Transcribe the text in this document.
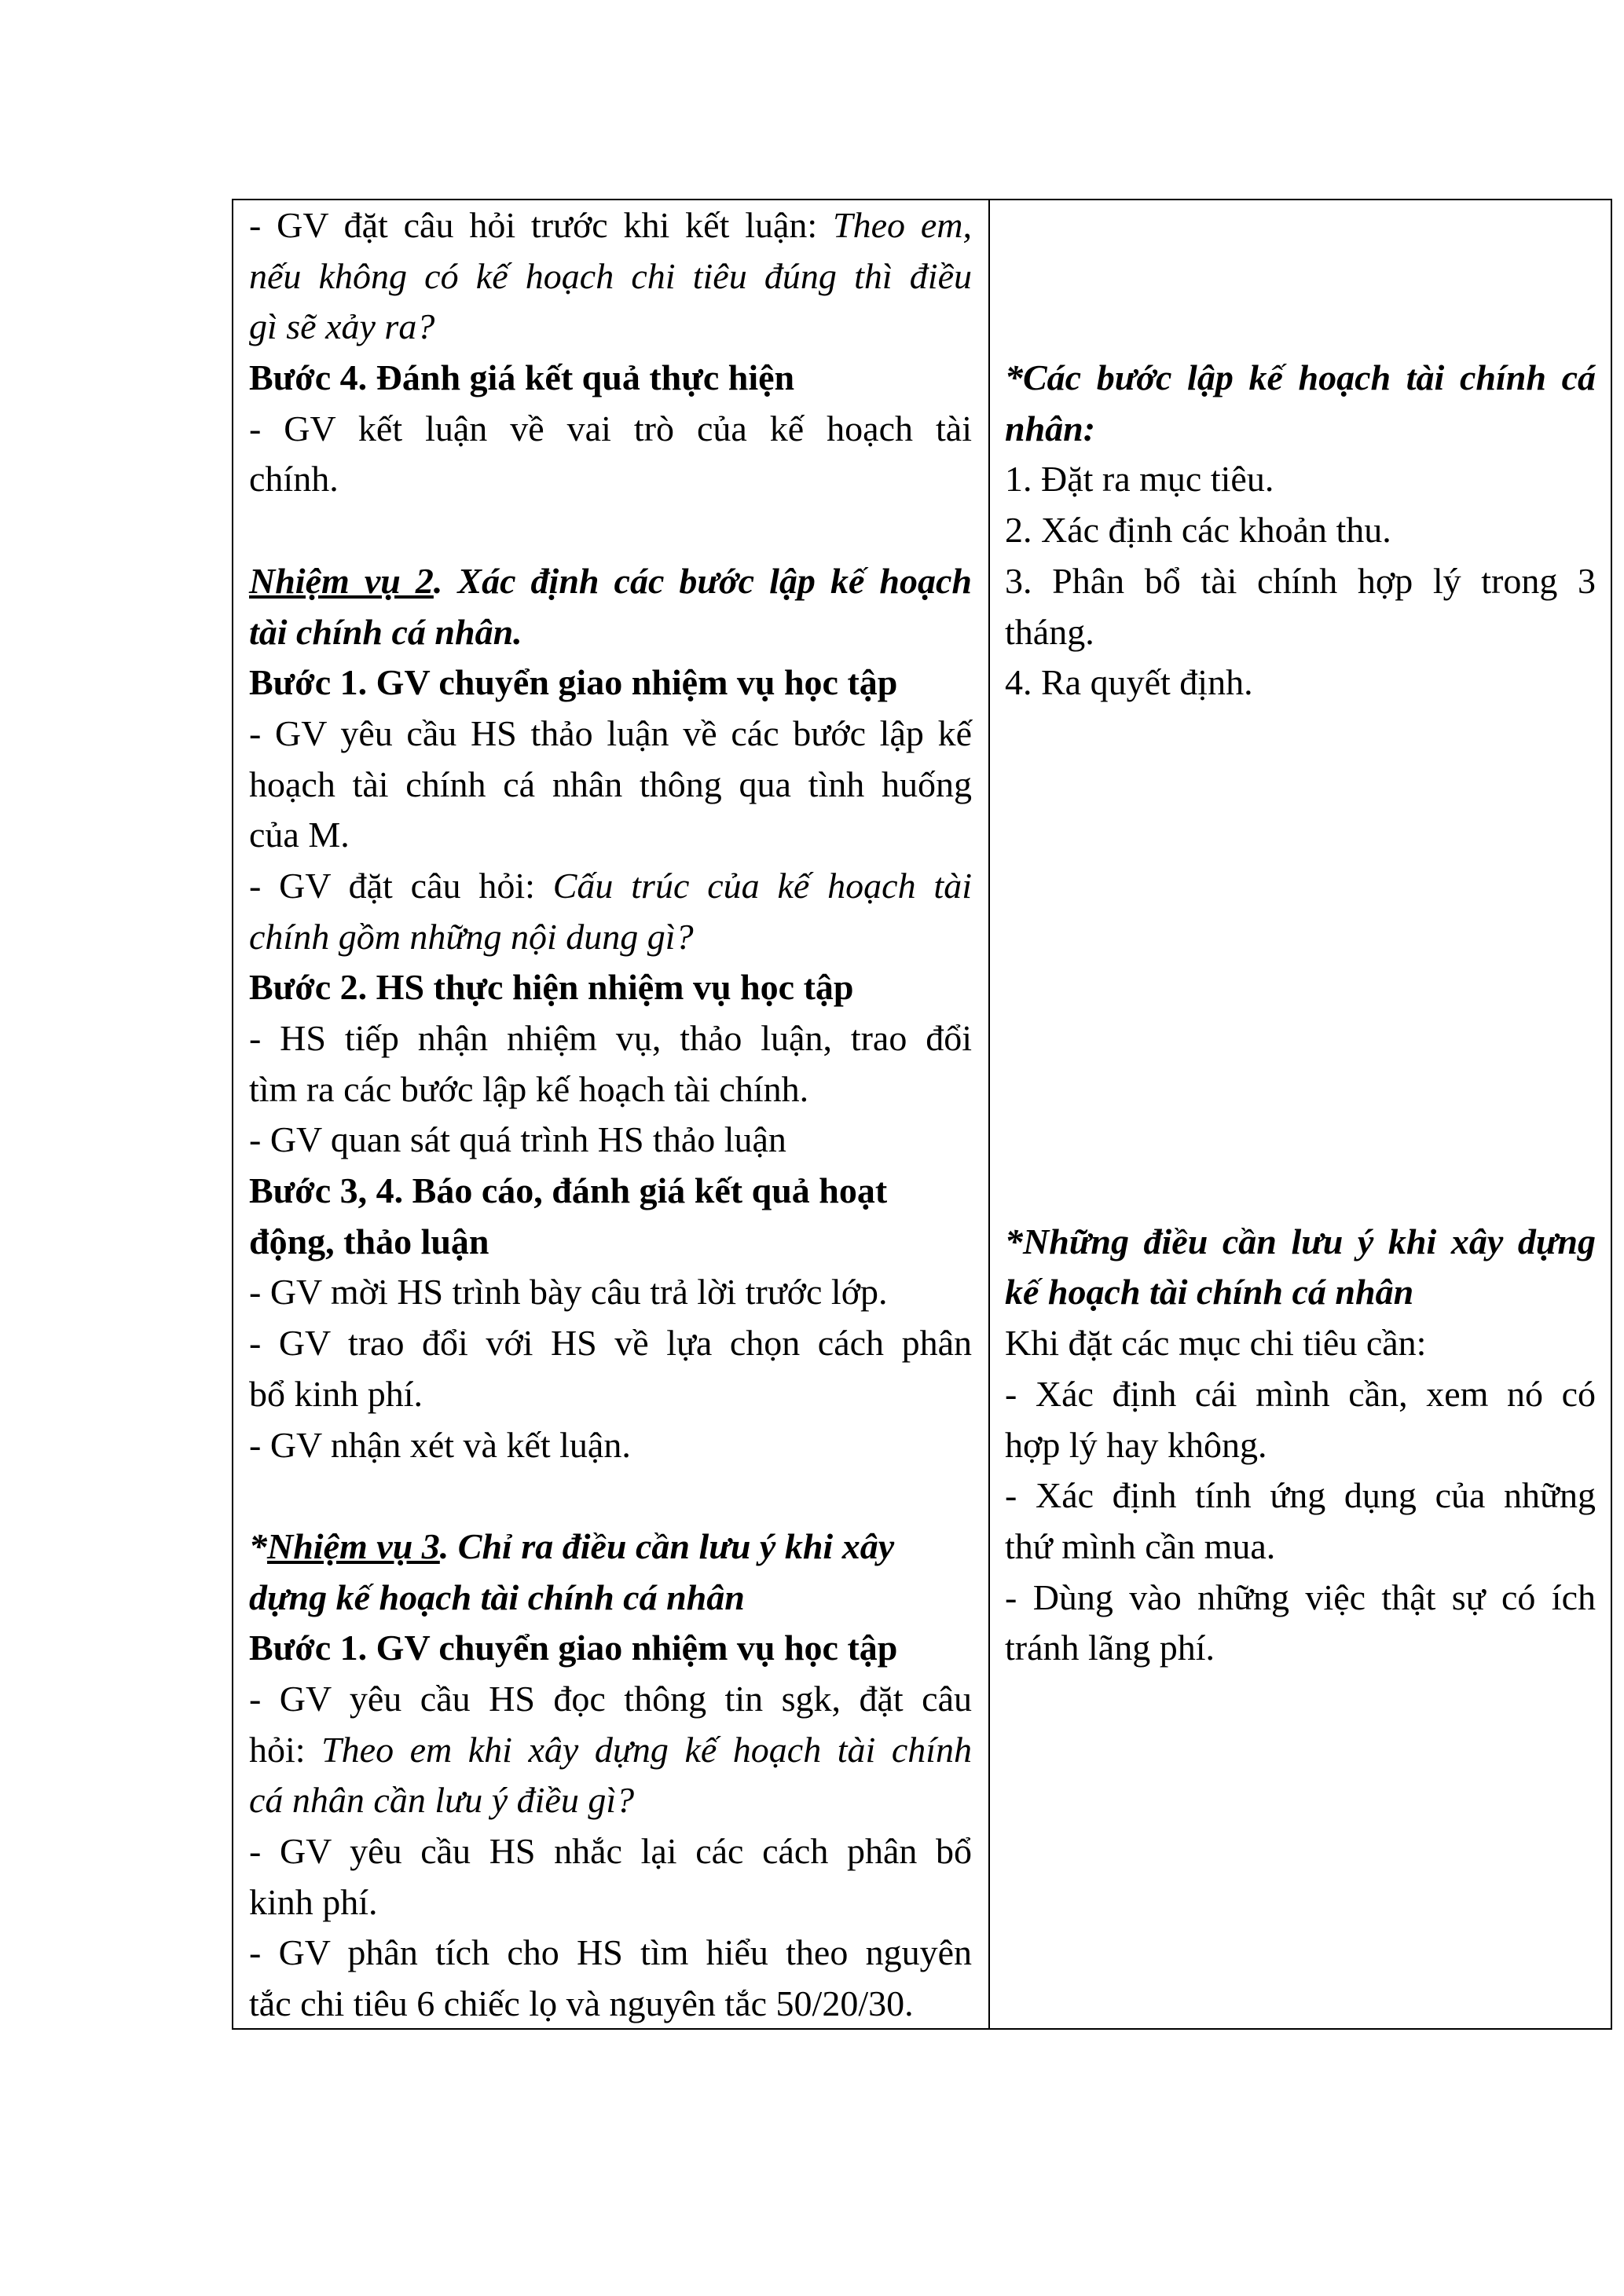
- GV đặt câu hỏi trước khi kết luận: Theo em,
nếu không có kế hoạch chi tiêu đúng thì điều
gì sẽ xảy ra?
Bước 4. Đánh giá kết quả thực hiện
- GV kết luận về vai trò của kế hoạch tài
chính.
Nhiệm vụ 2. Xác định các bước lập kế hoạch
tài chính cá nhân.
Bước 1. GV chuyển giao nhiệm vụ học tập
- GV yêu cầu HS thảo luận về các bước lập kế
hoạch tài chính cá nhân thông qua tình huống
của M.
- GV đặt câu hỏi: Cấu trúc của kế hoạch tài
chính gồm những nội dung gì?
Bước 2. HS thực hiện nhiệm vụ học tập
- HS tiếp nhận nhiệm vụ, thảo luận, trao đổi
tìm ra các bước lập kế hoạch tài chính.
- GV quan sát quá trình HS thảo luận
Bước 3, 4. Báo cáo, đánh giá kết quả hoạt
động, thảo luận
- GV mời HS trình bày câu trả lời trước lớp.
- GV trao đổi với HS về lựa chọn cách phân
bổ kinh phí.
- GV nhận xét và kết luận.
*Nhiệm vụ 3. Chỉ ra điều cần lưu ý khi xây
dựng kế hoạch tài chính cá nhân
Bước 1. GV chuyển giao nhiệm vụ học tập
- GV yêu cầu HS đọc thông tin sgk, đặt câu
hỏi: Theo em khi xây dựng kế hoạch tài chính
cá nhân cần lưu ý điều gì?
- GV yêu cầu HS nhắc lại các cách phân bổ
kinh phí.
- GV phân tích cho HS tìm hiểu theo nguyên
tắc chi tiêu 6 chiếc lọ và nguyên tắc 50/20/30.
*Các bước lập kế hoạch tài chính cá
nhân:
1. Đặt ra mục tiêu.
2. Xác định các khoản thu.
3. Phân bổ tài chính hợp lý trong 3
tháng.
4. Ra quyết định.
*Những điều cần lưu ý khi xây dựng
kế hoạch tài chính cá nhân
Khi đặt các mục chi tiêu cần:
- Xác định cái mình cần, xem nó có
hợp lý hay không.
- Xác định tính ứng dụng của những
thứ mình cần mua.
- Dùng vào những việc thật sự có ích
tránh lãng phí.
